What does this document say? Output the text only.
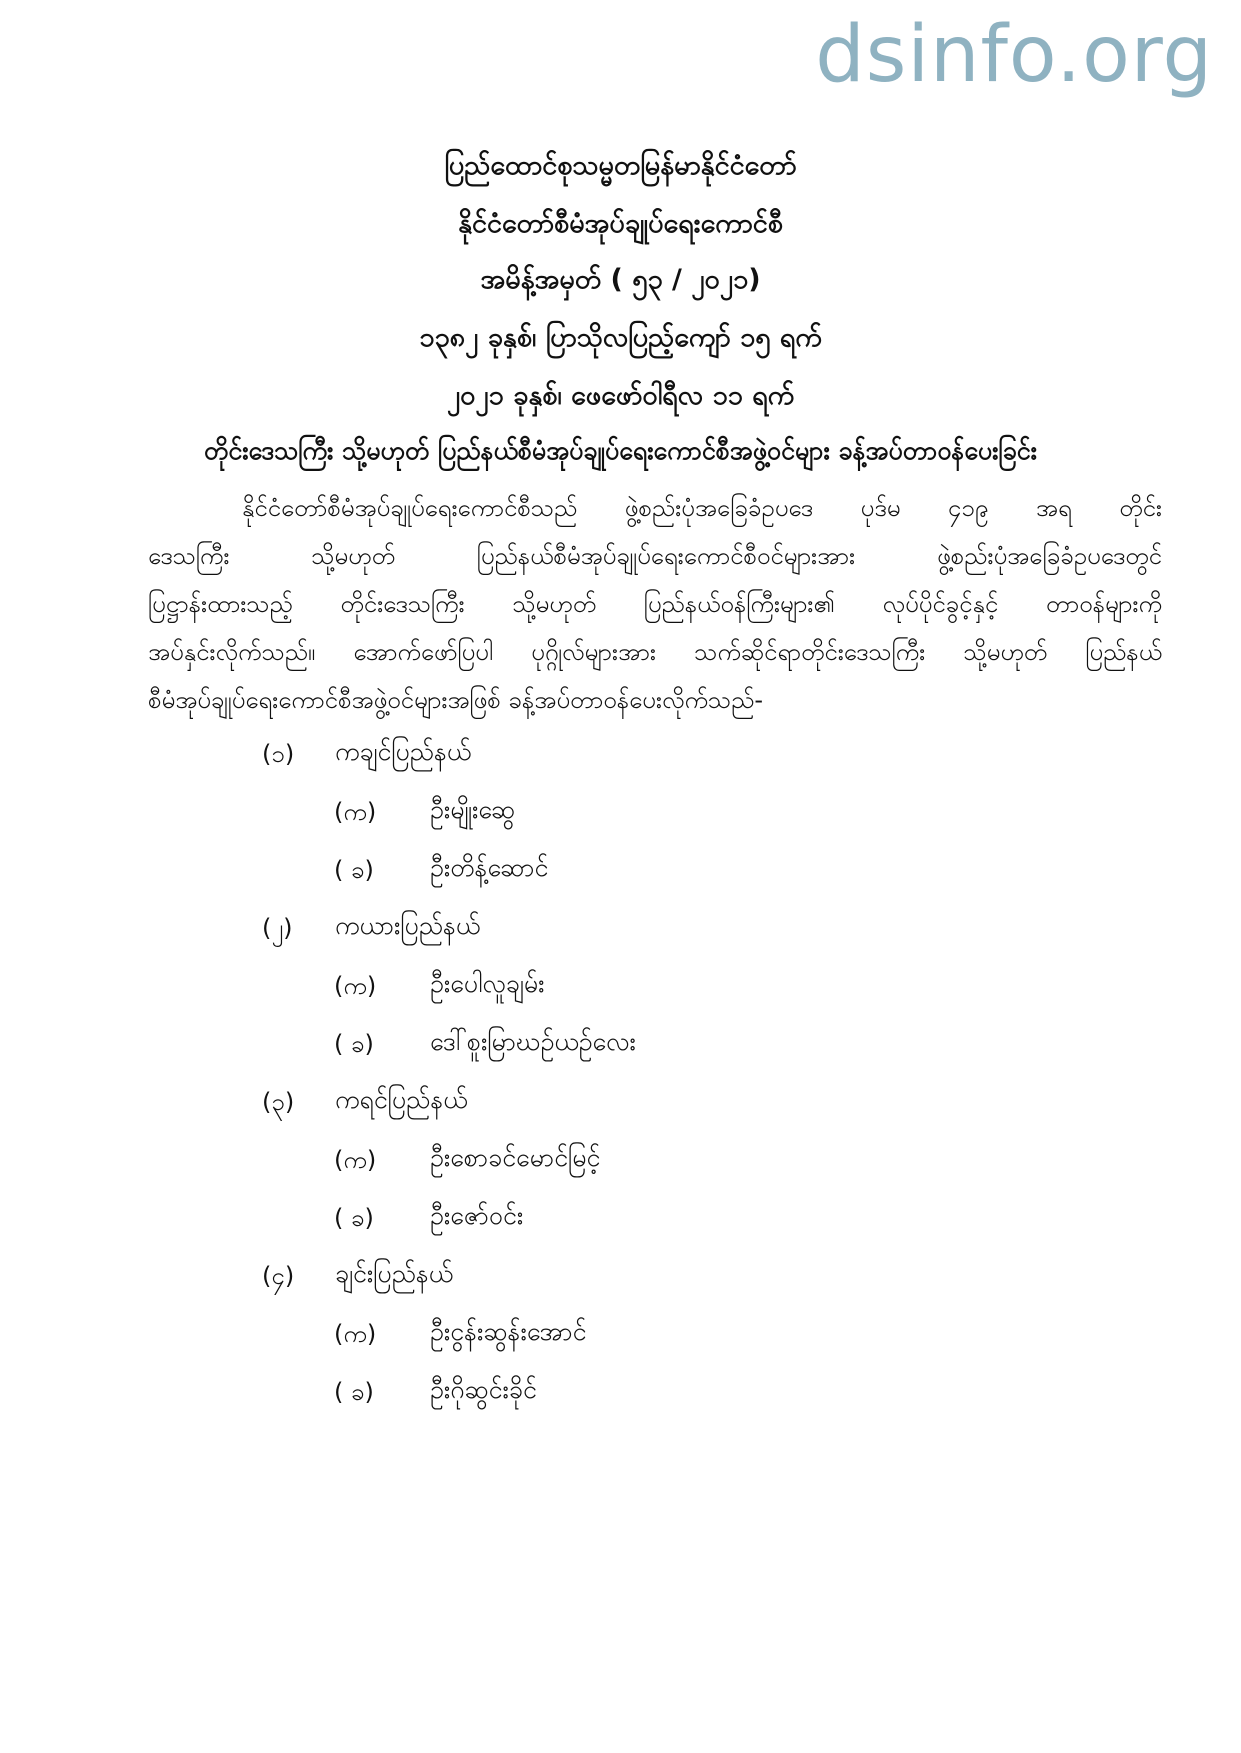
dsinfo.org
ပြည်ထောင်စုသမ္မတမြန်မာနိုင်ငံတော်
နိုင်ငံတော်စီမံအုပ်ချုပ်ရေးကောင်စီ
အမိန့်အမှတ် ( ၅၃ / ၂၀၂၁)
၁၃၈၂ ခုနှစ်၊ ပြာသိုလပြည့်ကျော် ၁၅ ရက်
၂၀၂၁ ခုနှစ်၊ ဖေဖော်ဝါရီလ ၁၁ ရက်
တိုင်းဒေသကြီး သို့မဟုတ် ပြည်နယ်စီမံအုပ်ချုပ်ရေးကောင်စီအဖွဲ့ဝင်များ ခန့်အပ်တာဝန်ပေးခြင်း
နိုင်ငံတော်စီမံအုပ်ချုပ်ရေးကောင်စီသည် ဖွဲ့စည်းပုံအခြေခံဥပဒေ ပုဒ်မ ၄၁၉ အရ တိုင်း
ဒေသကြီး သို့မဟုတ် ပြည်နယ်စီမံအုပ်ချုပ်ရေးကောင်စီဝင်များအား ဖွဲ့စည်းပုံအခြေခံဥပဒေတွင်
ပြဋ္ဌာန်းထားသည့် တိုင်းဒေသကြီး သို့မဟုတ် ပြည်နယ်ဝန်ကြီးများ၏ လုပ်ပိုင်ခွင့်နှင့် တာဝန်များကို
အပ်နှင်းလိုက်သည်။ အောက်ဖော်ပြပါ ပုဂ္ဂိုလ်များအား သက်ဆိုင်ရာတိုင်းဒေသကြီး သို့မဟုတ် ပြည်နယ်
စီမံအုပ်ချုပ်ရေးကောင်စီအဖွဲ့ဝင်များအဖြစ် ခန့်အပ်တာဝန်ပေးလိုက်သည်-
(၁) ကချင်ပြည်နယ်
(က) ဦးမျိုးဆွေ
( ခ) ဦးတိန့်ဆောင်
(၂) ကယားပြည်နယ်
(က) ဦးပေါလူချမ်း
( ခ) ဒေါ်စူးမြာဃဉ်ယဉ်လေး
(၃) ကရင်ပြည်နယ်
(က) ဦးစောခင်မောင်မြင့်
( ခ) ဦးဇော်ဝင်း
(၄) ချင်းပြည်နယ်
(က) ဦးငွန်းဆွန်းအောင်
( ခ) ဦးဂိုဆွင်းခိုင်
